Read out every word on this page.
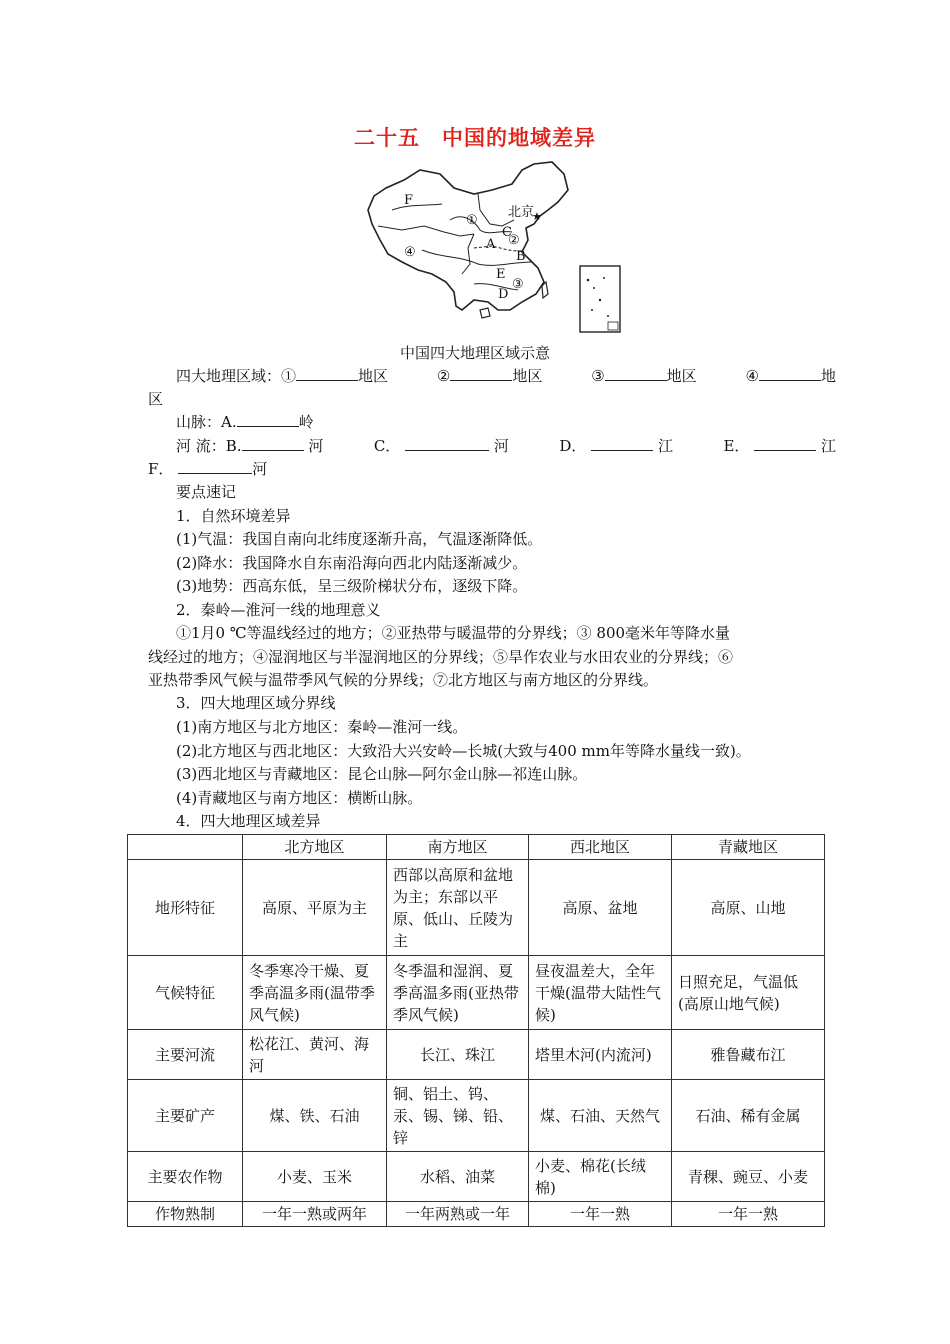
二十五　中国的地域差异
F
①
北京
★
C
A ②
B
④
E
③
D
中国四大地理区域示意
四大地理区域：①	地区	②	地区	③	地区	④	地
区
山脉：A.	岭
河 流：B.	河	C．	河	D．	江	E．	江
F．	河
要点速记
1．自然环境差异
(1)气温：我国自南向北纬度逐渐升高，气温逐渐降低。
(2)降水：我国降水自东南沿海向西北内陆逐渐减少。
(3)地势：西高东低，呈三级阶梯状分布，逐级下降。
2．秦岭—淮河一线的地理意义
①1月0 ℃等温线经过的地方；②亚热带与暖温带的分界线；③ 800毫米年等降水量
线经过的地方；④湿润地区与半湿润地区的分界线；⑤旱作农业与水田农业的分界线；⑥
亚热带季风气候与温带季风气候的分界线；⑦北方地区与南方地区的分界线。
3．四大地理区域分界线
(1)南方地区与北方地区：秦岭—淮河一线。
(2)北方地区与西北地区：大致沿大兴安岭—长城(大致与400 mm年等降水量线一致)。
(3)西北地区与青藏地区：昆仑山脉—阿尔金山脉—祁连山脉。
(4)青藏地区与南方地区：横断山脉。
4．四大地理区域差异
	北方地区	南方地区	西北地区	青藏地区
地形特征	高原、平原为主	西部以高原和盆地为主；东部以平原、低山、丘陵为主	高原、盆地	高原、山地
气候特征	冬季寒冷干燥、夏季高温多雨(温带季风气候)	冬季温和湿润、夏季高温多雨(亚热带季风气候)	昼夜温差大，全年干燥(温带大陆性气候)	日照充足，气温低(高原山地气候)
主要河流	松花江、黄河、海河	长江、珠江	塔里木河(内流河)	雅鲁藏布江
主要矿产	煤、铁、石油	铜、铝土、钨、汞、锡、锑、铅、锌	煤、石油、天然气	石油、稀有金属
主要农作物	小麦、玉米	水稻、油菜	小麦、棉花(长绒棉)	青稞、豌豆、小麦
作物熟制	一年一熟或两年	一年两熟或一年	一年一熟	一年一熟
